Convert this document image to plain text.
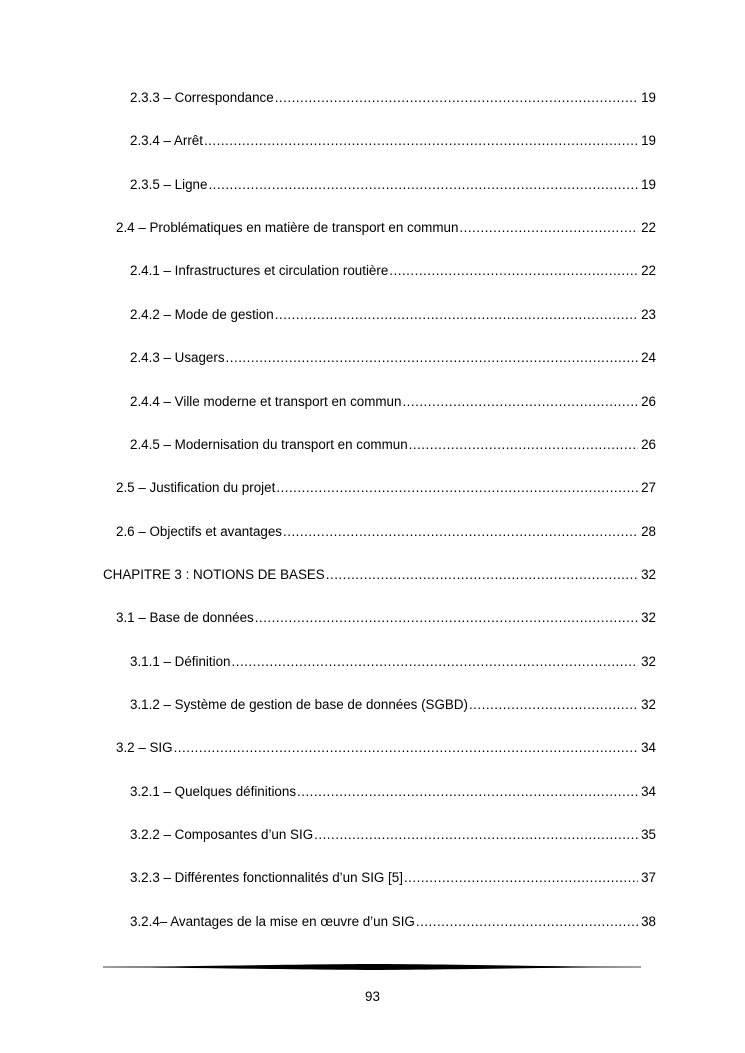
2.3.3 – Correspondance .....	19
2.3.4 – Arrêt .....	19
2.3.5 – Ligne .....	19
2.4 – Problématiques en matière de transport en commun .....	22
2.4.1 – Infrastructures et circulation routière .....	22
2.4.2 – Mode de gestion .....	23
2.4.3 – Usagers .....	24
2.4.4 – Ville moderne et transport en commun .....	26
2.4.5 – Modernisation du transport en commun .....	26
2.5 – Justification du projet .....	27
2.6 – Objectifs et avantages .....	28
CHAPITRE 3 : NOTIONS DE BASES .....	32
3.1 – Base de données .....	32
3.1.1 – Définition .....	32
3.1.2 – Système de gestion de base de données (SGBD) .....	32
3.2 – SIG .....	34
3.2.1 – Quelques définitions .....	34
3.2.2 – Composantes d’un SIG .....	35
3.2.3 – Différentes fonctionnalités d’un SIG [5] .....	37
3.2.4– Avantages de la mise en œuvre d’un SIG .....	38
93
